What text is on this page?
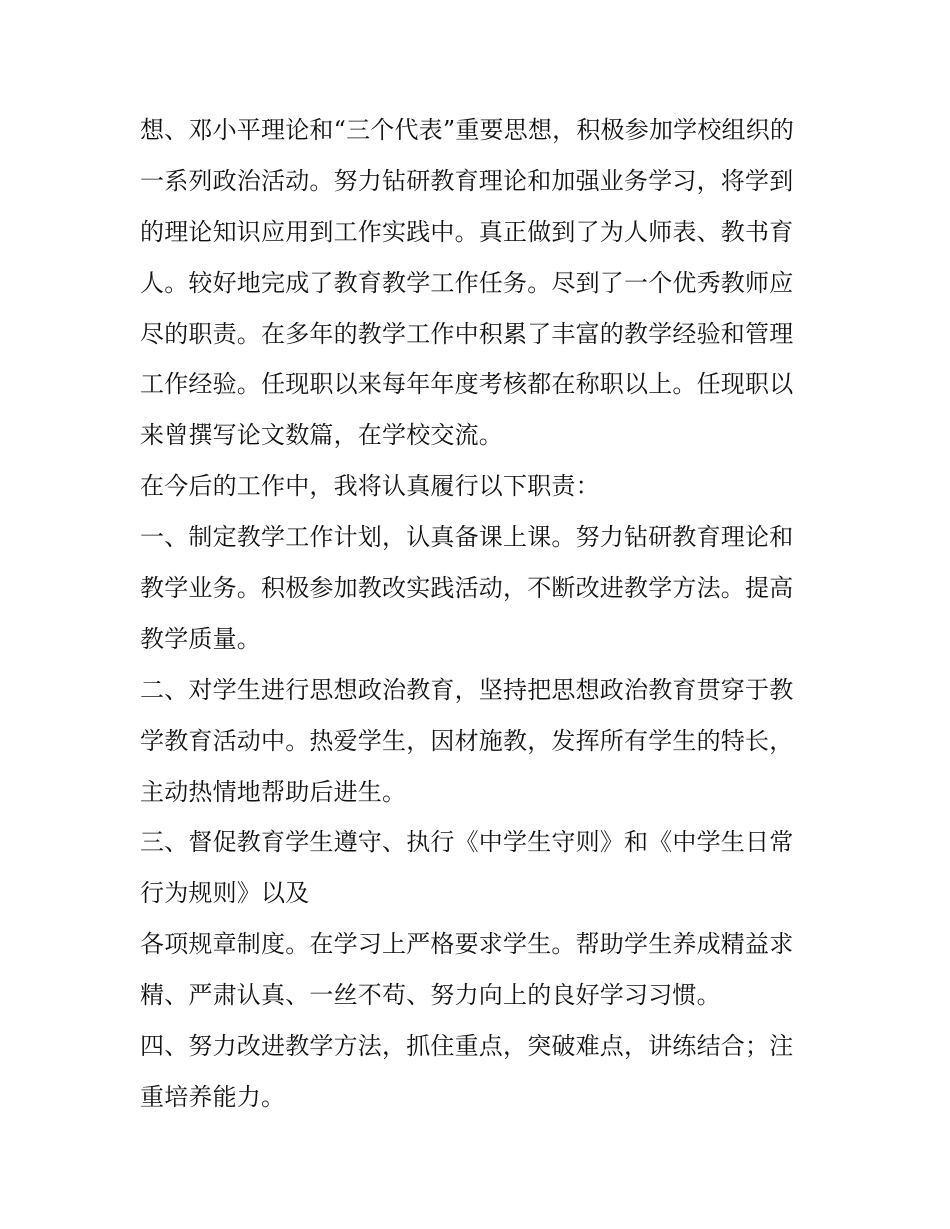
想、邓小平理论和“三个代表”重要思想，积极参加学校组织的
一系列政治活动。努力钻研教育理论和加强业务学习，将学到
的理论知识应用到工作实践中。真正做到了为人师表、教书育
人。较好地完成了教育教学工作任务。尽到了一个优秀教师应
尽的职责。在多年的教学工作中积累了丰富的教学经验和管理
工作经验。任现职以来每年年度考核都在称职以上。任现职以
来曾撰写论文数篇，在学校交流。
在今后的工作中，我将认真履行以下职责：
一、制定教学工作计划，认真备课上课。努力钻研教育理论和
教学业务。积极参加教改实践活动，不断改进教学方法。提高
教学质量。
二、对学生进行思想政治教育，坚持把思想政治教育贯穿于教
学教育活动中。热爱学生，因材施教，发挥所有学生的特长，
主动热情地帮助后进生。
三、督促教育学生遵守、执行《中学生守则》和《中学生日常
行为规则》以及
各项规章制度。在学习上严格要求学生。帮助学生养成精益求
精、严肃认真、一丝不苟、努力向上的良好学习习惯。
四、努力改进教学方法，抓住重点，突破难点，讲练结合；注
重培养能力。
